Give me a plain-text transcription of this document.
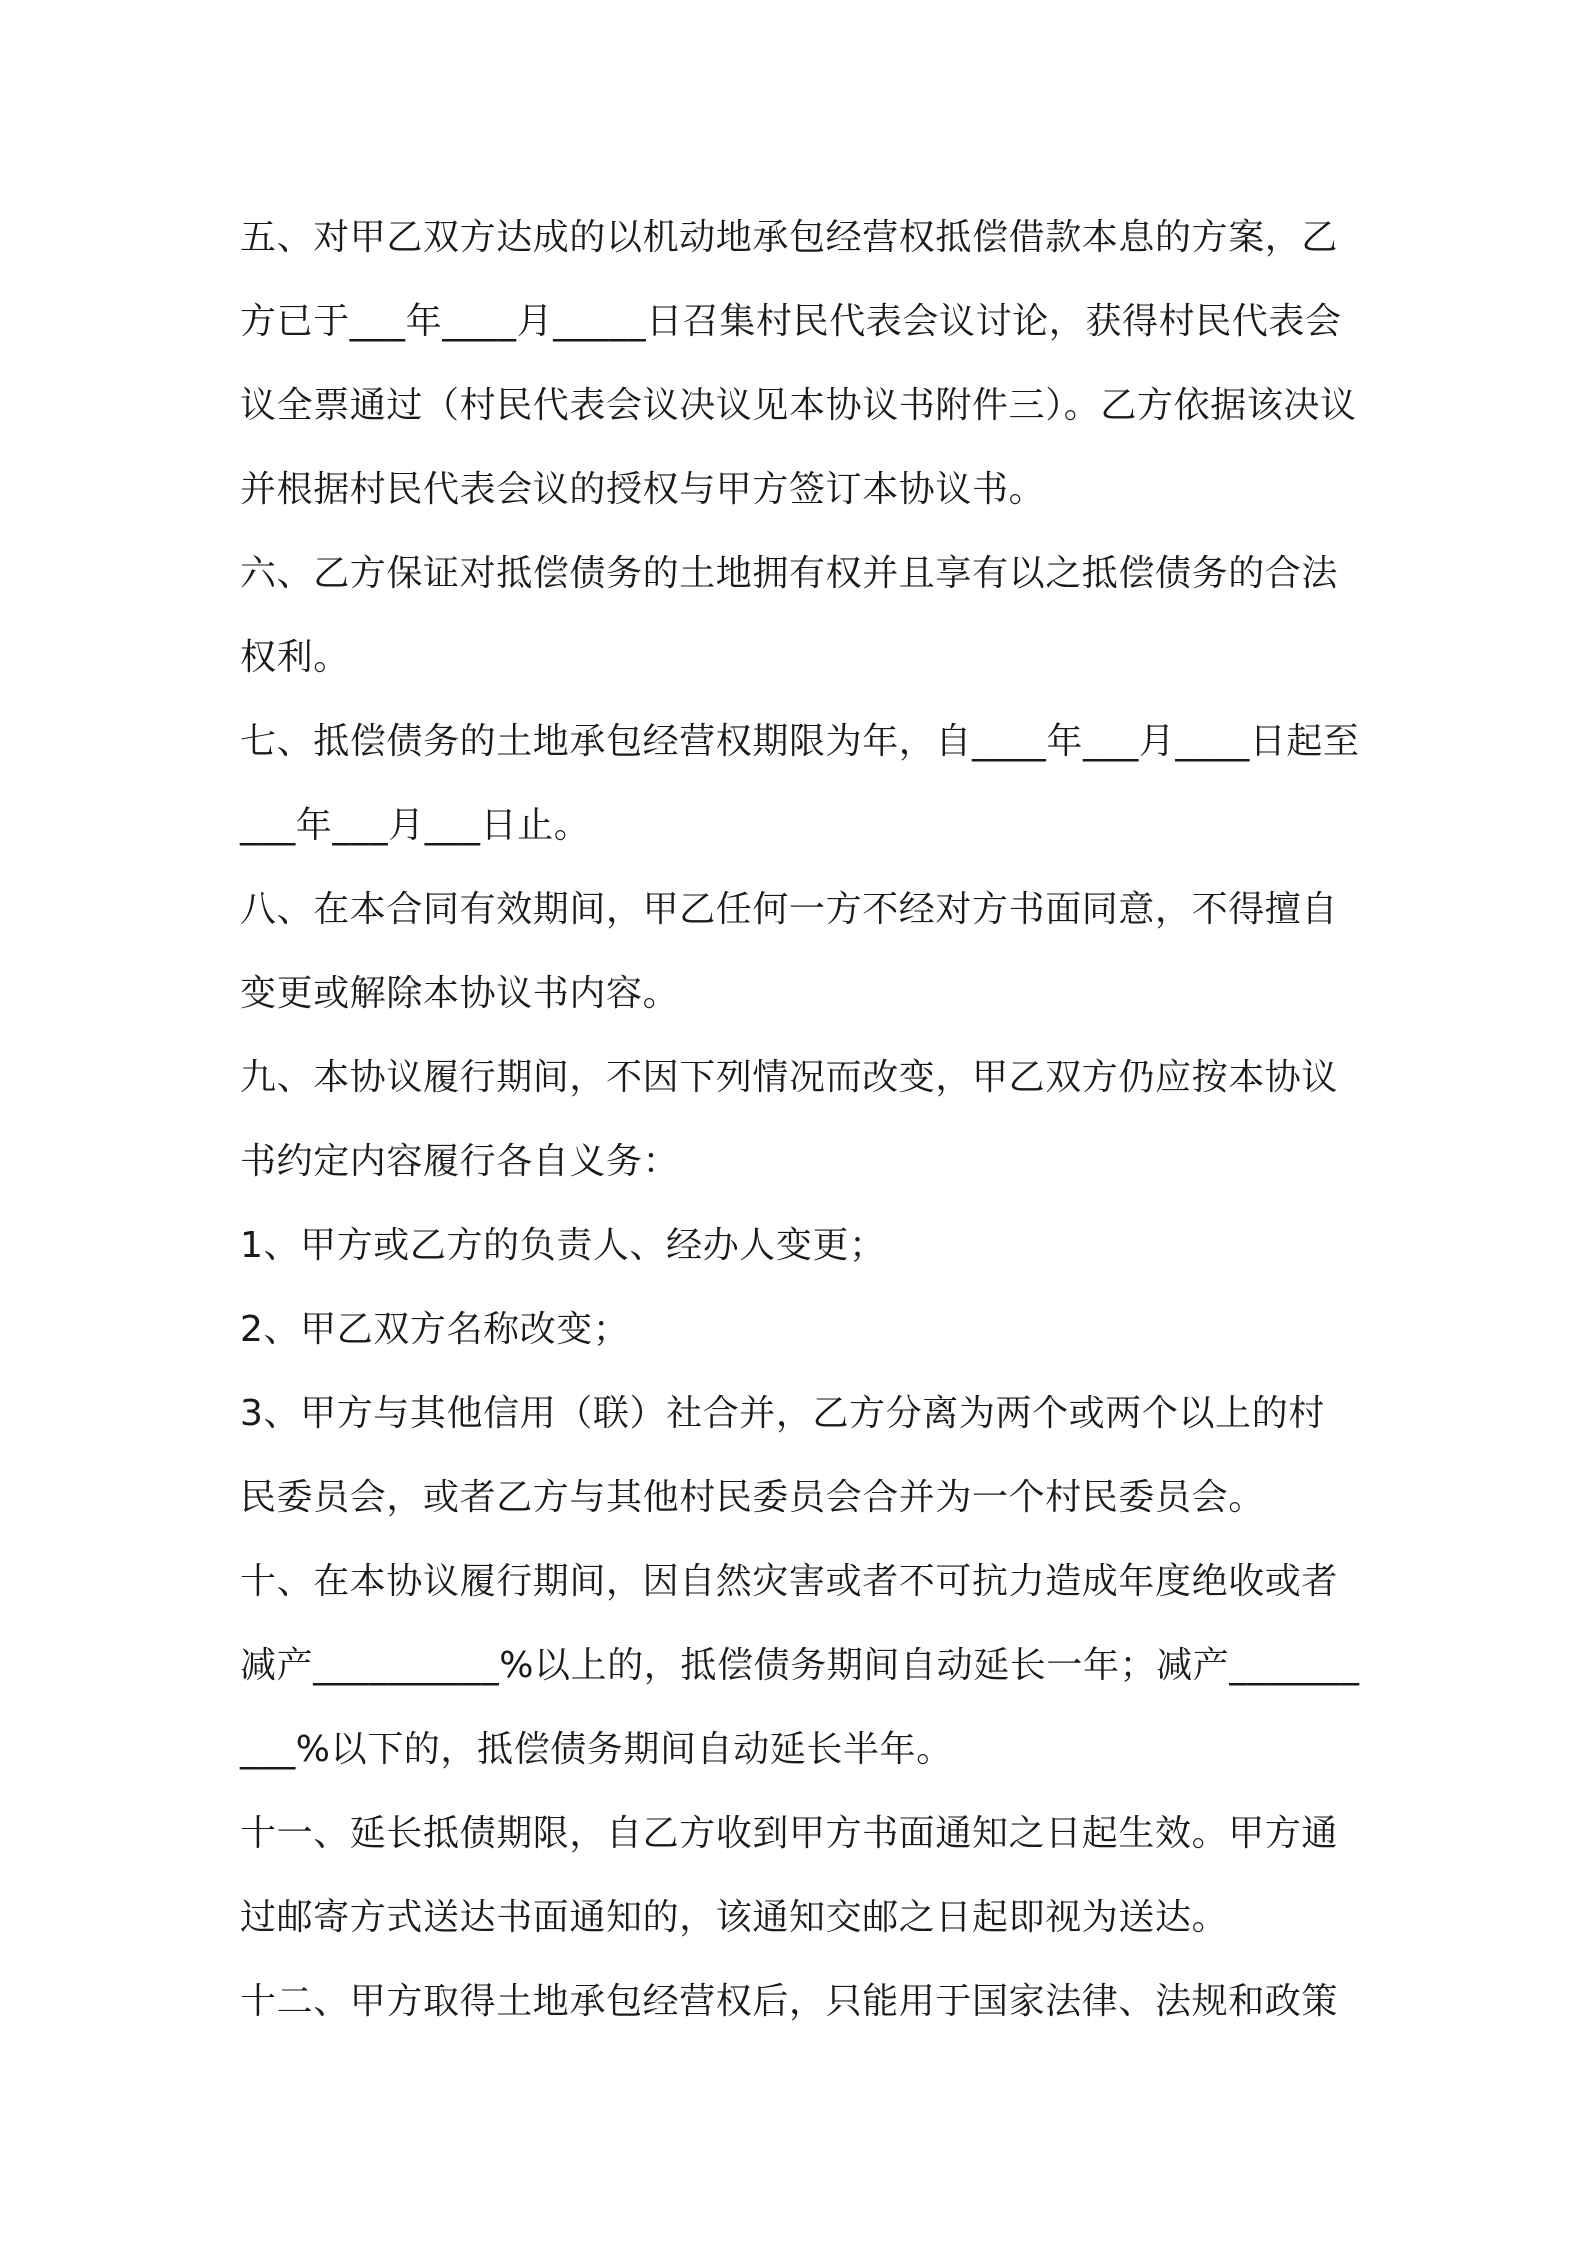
五、对甲乙双方达成的以机动地承包经营权抵偿借款本息的方案，乙方已于___年____月_____日召集村民代表会议讨论，获得村民代表会议全票通过（村民代表会议决议见本协议书附件三）。乙方依据该决议并根据村民代表会议的授权与甲方签订本协议书。

六、乙方保证对抵偿债务的土地拥有权并且享有以之抵偿债务的合法权利。

七、抵偿债务的土地承包经营权期限为年，自____年___月____日起至___年___月___日止。

八、在本合同有效期间，甲乙任何一方不经对方书面同意，不得擅自变更或解除本协议书内容。

九、本协议履行期间，不因下列情况而改变，甲乙双方仍应按本协议书约定内容履行各自义务：

1、甲方或乙方的负责人、经办人变更；

2、甲乙双方名称改变；

3、甲方与其他信用（联）社合并，乙方分离为两个或两个以上的村民委员会，或者乙方与其他村民委员会合并为一个村民委员会。

十、在本协议履行期间，因自然灾害或者不可抗力造成年度绝收或者减产__________%以上的，抵偿债务期间自动延长一年；减产__________%以下的，抵偿债务期间自动延长半年。

十一、延长抵债期限，自乙方收到甲方书面通知之日起生效。甲方通过邮寄方式送达书面通知的，该通知交邮之日起即视为送达。

十二、甲方取得土地承包经营权后，只能用于国家法律、法规和政策
